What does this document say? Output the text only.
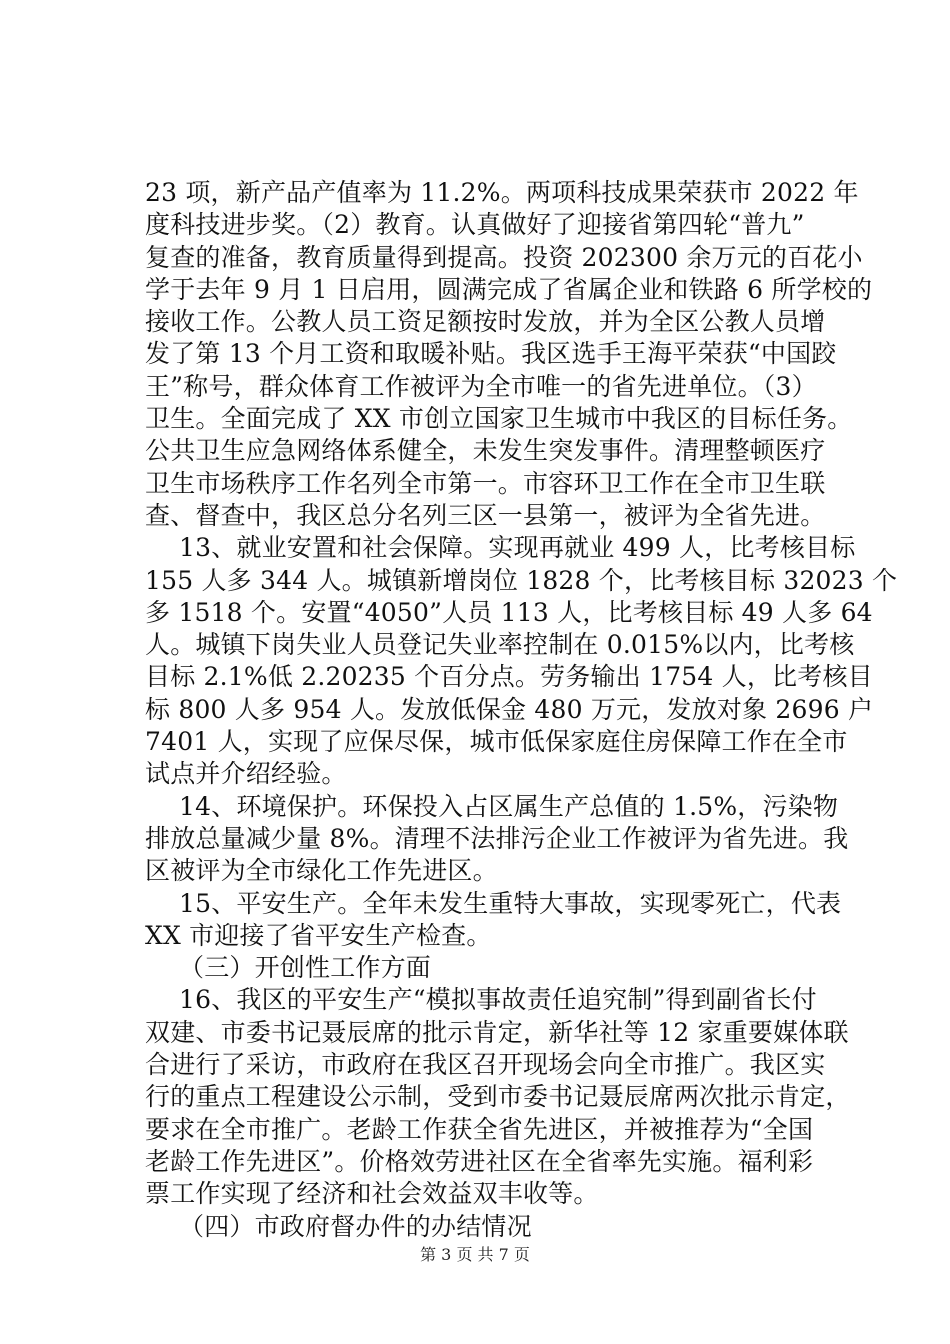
23 项，新产品产值率为 11.2%。两项科技成果荣获市 2022 年
度科技进步奖。（2）教育。认真做好了迎接省第四轮“普九”
复查的准备，教育质量得到提高。投资 202300 余万元的百花小
学于去年 9 月 1 日启用，圆满完成了省属企业和铁路 6 所学校的
接收工作。公教人员工资足额按时发放，并为全区公教人员增
发了第 13 个月工资和取暖补贴。我区选手王海平荣获“中国跤
王”称号，群众体育工作被评为全市唯一的省先进单位。（3）
卫生。全面完成了 XX 市创立国家卫生城市中我区的目标任务。
公共卫生应急网络体系健全，未发生突发事件。清理整顿医疗
卫生市场秩序工作名列全市第一。市容环卫工作在全市卫生联
查、督查中，我区总分名列三区一县第一，被评为全省先进。
13、就业安置和社会保障。实现再就业 499 人，比考核目标
155 人多 344 人。城镇新增岗位 1828 个，比考核目标 32023 个
多 1518 个。安置“4050”人员 113 人，比考核目标 49 人多 64
人。城镇下岗失业人员登记失业率控制在 0.015%以内，比考核
目标 2.1%低 2.20235 个百分点。劳务输出 1754 人，比考核目
标 800 人多 954 人。发放低保金 480 万元，发放对象 2696 户
7401 人，实现了应保尽保，城市低保家庭住房保障工作在全市
试点并介绍经验。
14、环境保护。环保投入占区属生产总值的 1.5%，污染物
排放总量减少量 8%。清理不法排污企业工作被评为省先进。我
区被评为全市绿化工作先进区。
15、平安生产。全年未发生重特大事故，实现零死亡，代表
XX 市迎接了省平安生产检查。
（三）开创性工作方面
16、我区的平安生产“模拟事故责任追究制”得到副省长付
双建、市委书记聂辰席的批示肯定，新华社等 12 家重要媒体联
合进行了采访，市政府在我区召开现场会向全市推广。我区实
行的重点工程建设公示制，受到市委书记聂辰席两次批示肯定，
要求在全市推广。老龄工作获全省先进区，并被推荐为“全国
老龄工作先进区”。价格效劳进社区在全省率先实施。福利彩
票工作实现了经济和社会效益双丰收等。
（四）市政府督办件的办结情况
第 3 页 共 7 页
